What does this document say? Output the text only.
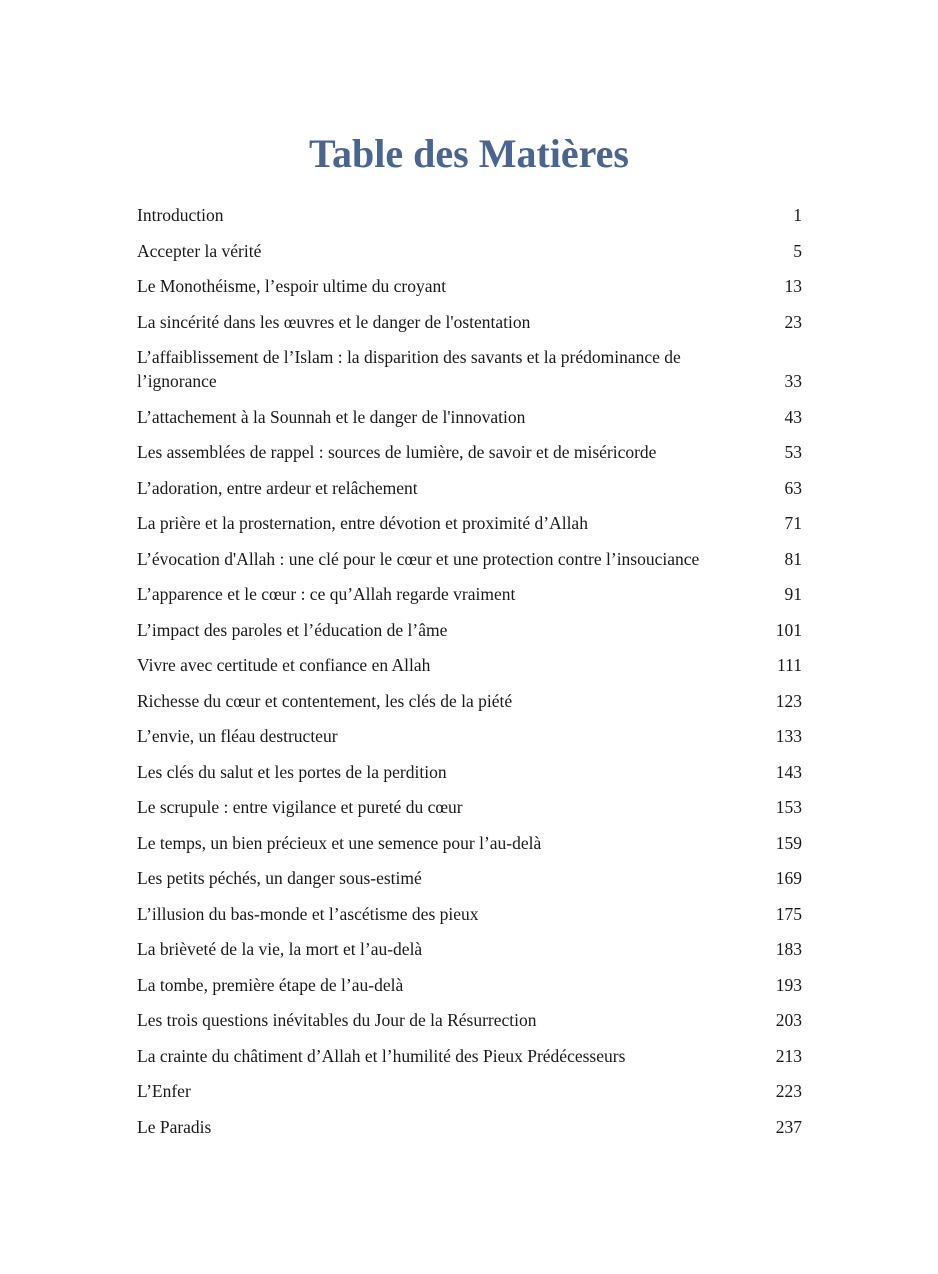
Table des Matières
Introduction	1
Accepter la vérité	5
Le Monothéisme, l’espoir ultime du croyant	13
La sincérité dans les œuvres et le danger de l'ostentation	23
L’affaiblissement de l’Islam : la disparition des savants et la prédominance de l’ignorance	33
L’attachement à la Sounnah et le danger de l'innovation	43
Les assemblées de rappel : sources de lumière, de savoir et de miséricorde	53
L’adoration, entre ardeur et relâchement	63
La prière et la prosternation, entre dévotion et proximité d’Allah	71
L’évocation d'Allah : une clé pour le cœur et une protection contre l’insouciance	81
L’apparence et le cœur : ce qu’Allah regarde vraiment	91
L’impact des paroles et l’éducation de l’âme	101
Vivre avec certitude et confiance en Allah	111
Richesse du cœur et contentement, les clés de la piété	123
L’envie, un fléau destructeur	133
Les clés du salut et les portes de la perdition	143
Le scrupule : entre vigilance et pureté du cœur	153
Le temps, un bien précieux et une semence pour l’au-delà	159
Les petits péchés, un danger sous-estimé	169
L’illusion du bas-monde et l’ascétisme des pieux	175
La brièveté de la vie, la mort et l’au-delà	183
La tombe, première étape de l’au-delà	193
Les trois questions inévitables du Jour de la Résurrection	203
La crainte du châtiment d’Allah et l’humilité des Pieux Prédécesseurs	213
L’Enfer	223
Le Paradis	237
